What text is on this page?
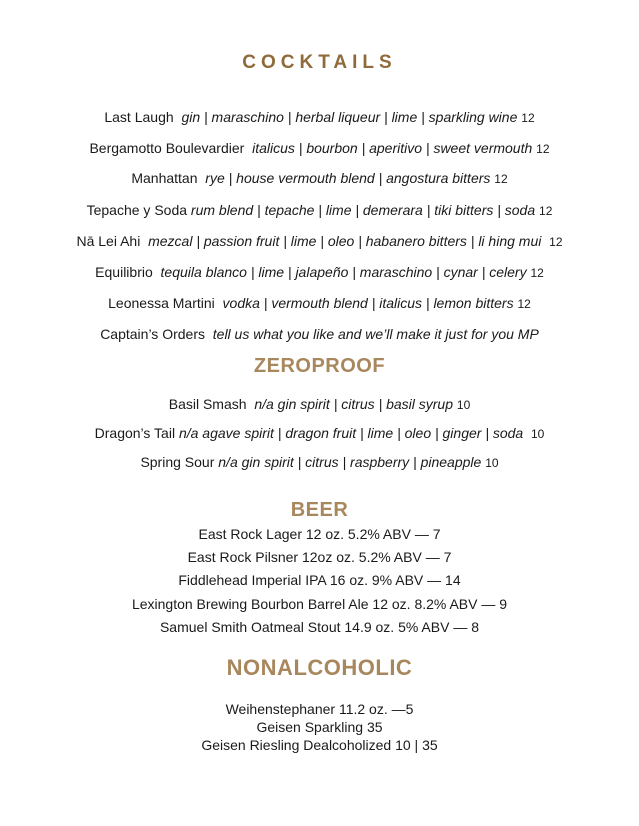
COCKTAILS
Last Laugh gin | maraschino | herbal liqueur | lime | sparkling wine 12
Bergamotto Boulevardier italicus | bourbon | aperitivo | sweet vermouth 12
Manhattan rye | house vermouth blend | angostura bitters 12
Tepache y Soda rum blend | tepache | lime | demerara | tiki bitters | soda 12
Nā Lei Ahi mezcal | passion fruit | lime | oleo | habanero bitters | li hing mui 12
Equilibrio tequila blanco | lime | jalapeño | maraschino | cynar | celery 12
Leonessa Martini vodka | vermouth blend | italicus | lemon bitters 12
Captain’s Orders tell us what you like and we’ll make it just for you MP
ZEROPROOF
Basil Smash n/a gin spirit | citrus | basil syrup 10
Dragon’s Tail n/a agave spirit | dragon fruit | lime | oleo | ginger | soda 10
Spring Sour n/a gin spirit | citrus | raspberry | pineapple 10
BEER
East Rock Lager 12 oz. 5.2% ABV — 7
East Rock Pilsner 12oz oz. 5.2% ABV — 7
Fiddlehead Imperial IPA 16 oz. 9% ABV — 14
Lexington Brewing Bourbon Barrel Ale 12 oz. 8.2% ABV — 9
Samuel Smith Oatmeal Stout 14.9 oz. 5% ABV — 8
NONALCOHOLIC
Weihenstephaner 11.2 oz. —5
Geisen Sparkling 35
Geisen Riesling Dealcoholized 10 | 35
